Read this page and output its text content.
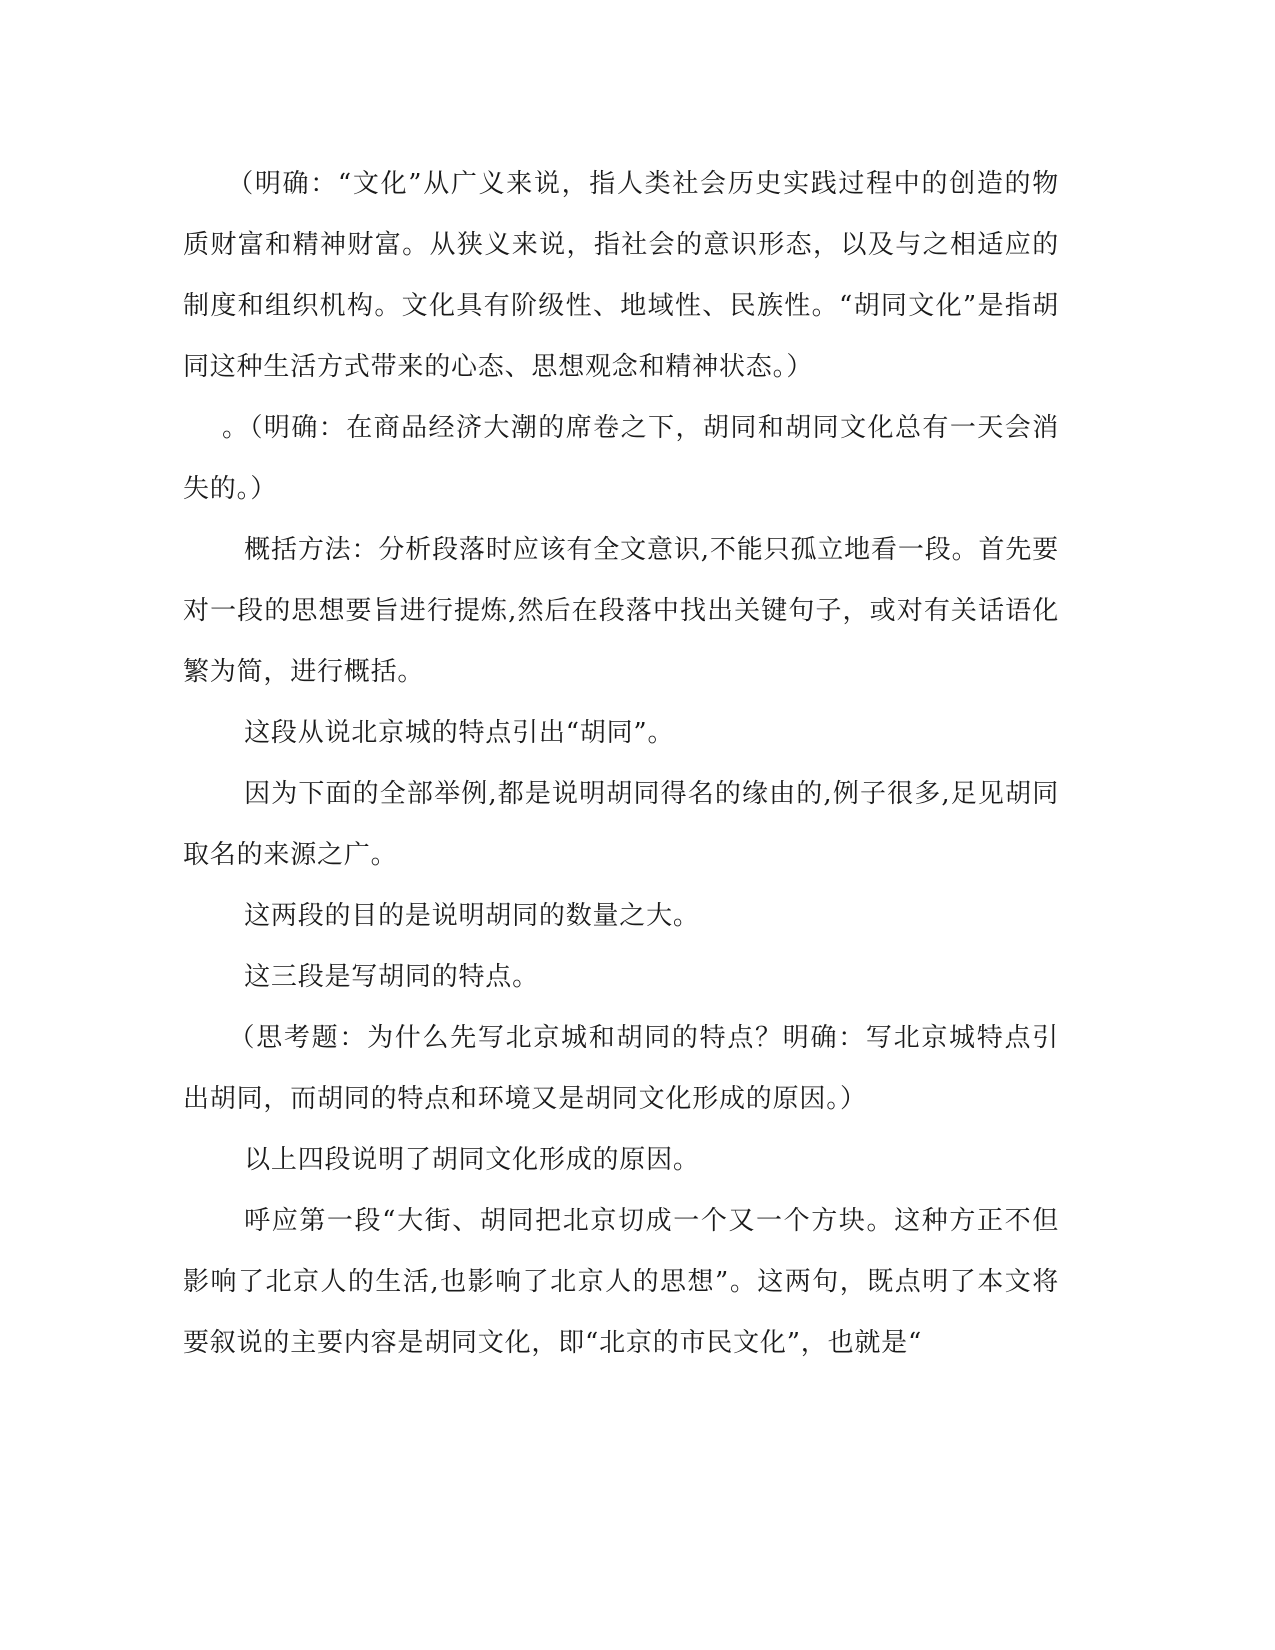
（明确：“文化”从广义来说，指人类社会历史实践过程中的创造的物质财富和精神财富。从狭义来说，指社会的意识形态，以及与之相适应的制度和组织机构。文化具有阶级性、地域性、民族性。“胡同文化”是指胡同这种生活方式带来的心态、思想观念和精神状态。）

。（明确：在商品经济大潮的席卷之下，胡同和胡同文化总有一天会消失的。）

概括方法：分析段落时应该有全文意识,不能只孤立地看一段。首先要对一段的思想要旨进行提炼,然后在段落中找出关键句子，或对有关话语化繁为简，进行概括。

这段从说北京城的特点引出“胡同”。

因为下面的全部举例,都是说明胡同得名的缘由的,例子很多,足见胡同取名的来源之广。

这两段的目的是说明胡同的数量之大。

这三段是写胡同的特点。

（思考题：为什么先写北京城和胡同的特点？明确：写北京城特点引出胡同，而胡同的特点和环境又是胡同文化形成的原因。）

以上四段说明了胡同文化形成的原因。

呼应第一段“大街、胡同把北京切成一个又一个方块。这种方正不但影响了北京人的生活,也影响了北京人的思想”。这两句，既点明了本文将要叙说的主要内容是胡同文化，即“北京的市民文化”，也就是“
